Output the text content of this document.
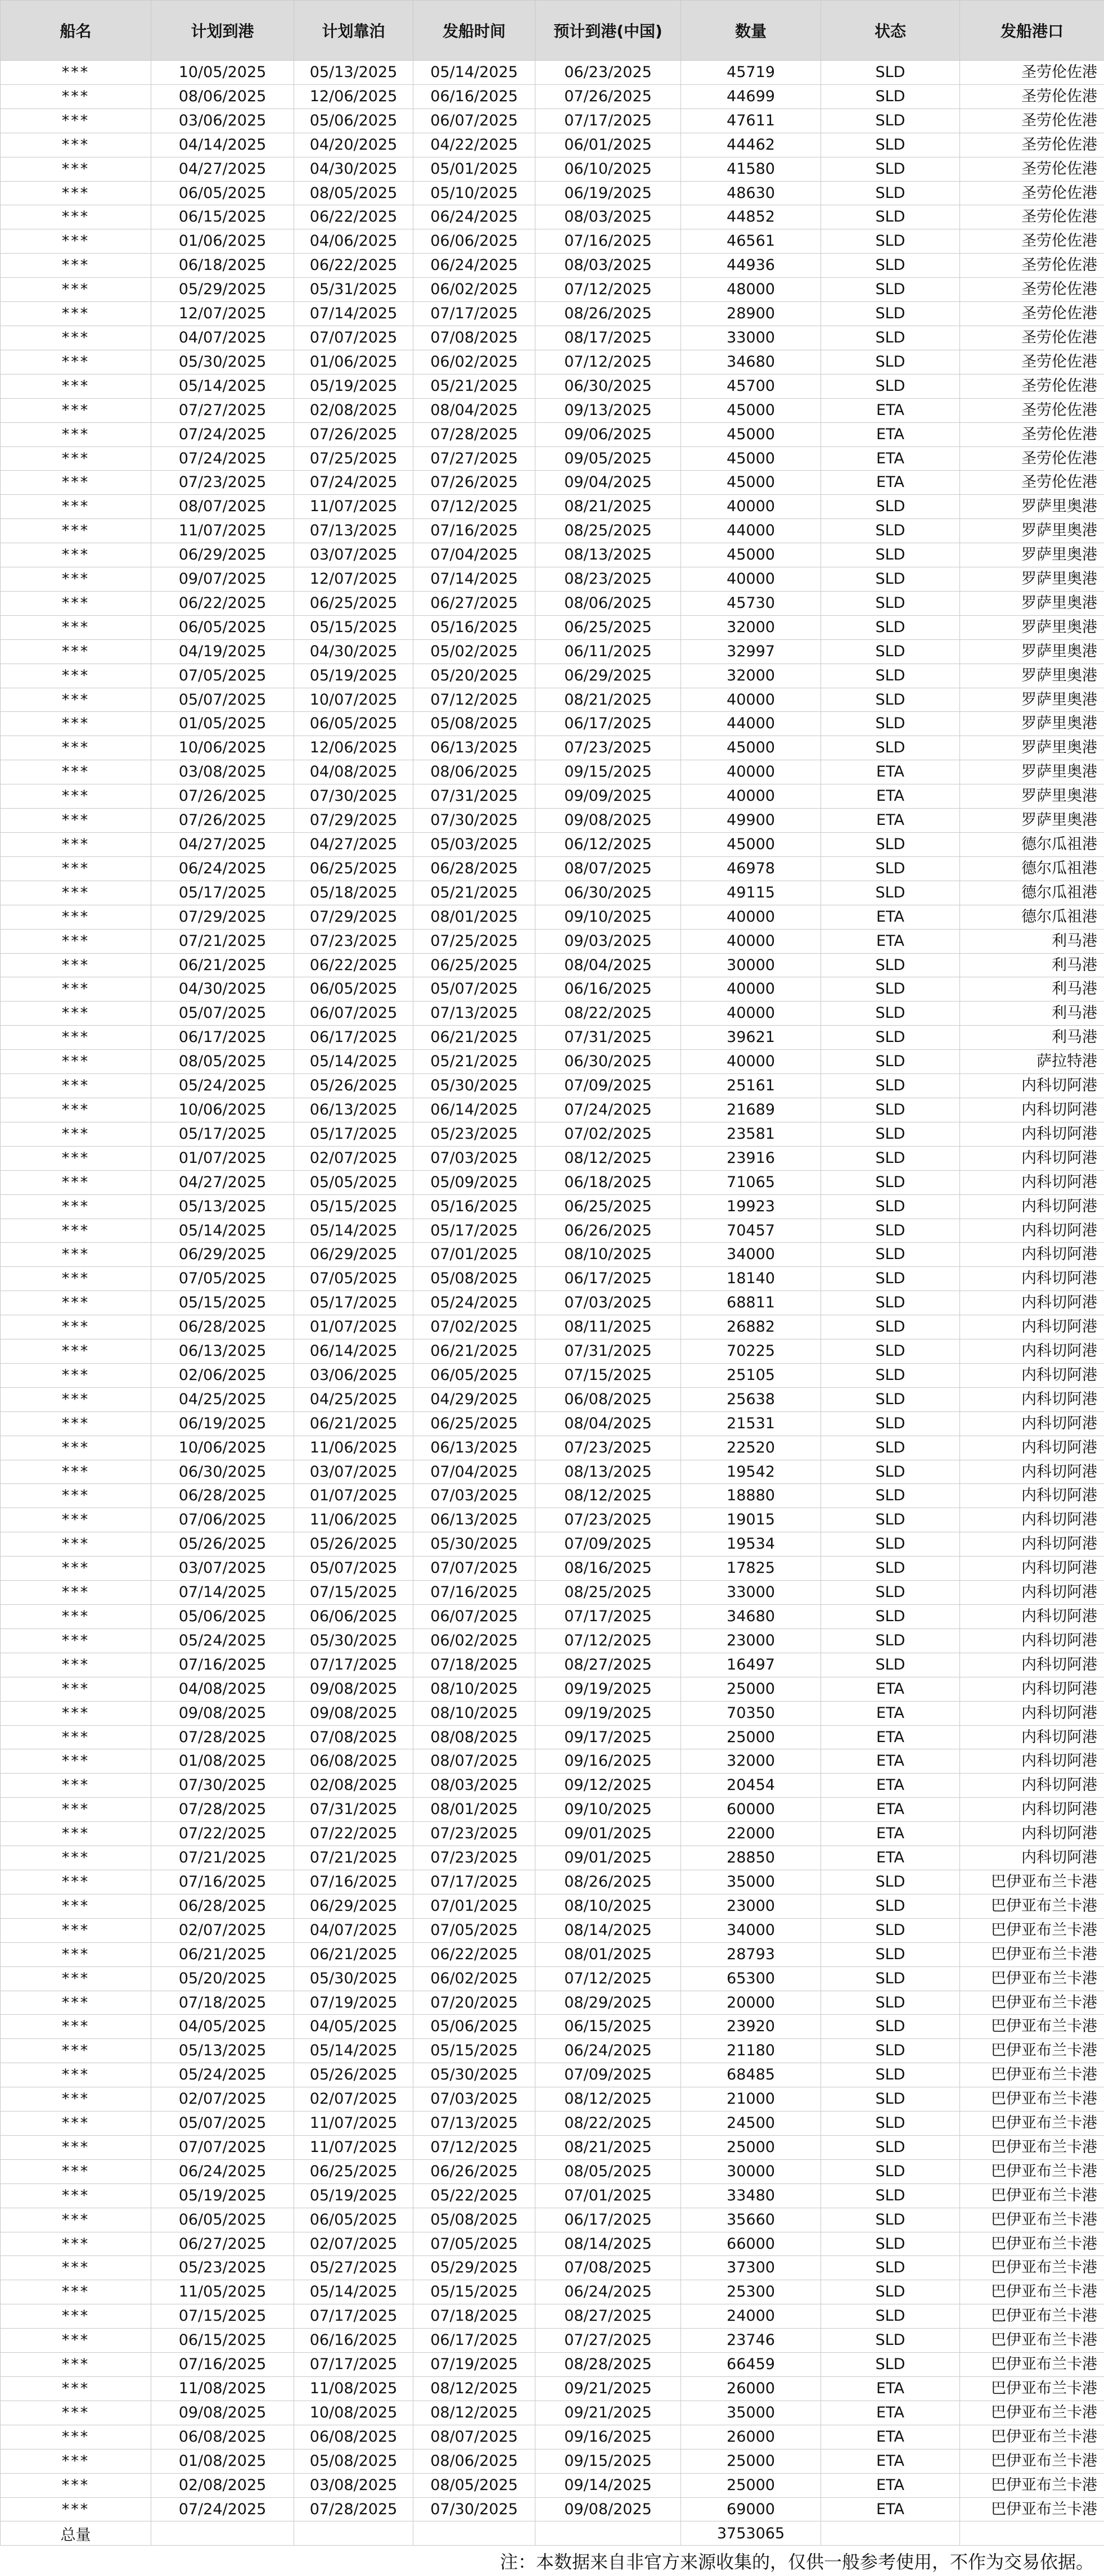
船名	计划到港	计划靠泊	发船时间	预计到港(中国)	数量	状态	发船港口
***	10/05/2025	05/13/2025	05/14/2025	06/23/2025	45719	SLD	圣劳伦佐港
***	08/06/2025	12/06/2025	06/16/2025	07/26/2025	44699	SLD	圣劳伦佐港
***	03/06/2025	05/06/2025	06/07/2025	07/17/2025	47611	SLD	圣劳伦佐港
***	04/14/2025	04/20/2025	04/22/2025	06/01/2025	44462	SLD	圣劳伦佐港
***	04/27/2025	04/30/2025	05/01/2025	06/10/2025	41580	SLD	圣劳伦佐港
***	06/05/2025	08/05/2025	05/10/2025	06/19/2025	48630	SLD	圣劳伦佐港
***	06/15/2025	06/22/2025	06/24/2025	08/03/2025	44852	SLD	圣劳伦佐港
***	01/06/2025	04/06/2025	06/06/2025	07/16/2025	46561	SLD	圣劳伦佐港
***	06/18/2025	06/22/2025	06/24/2025	08/03/2025	44936	SLD	圣劳伦佐港
***	05/29/2025	05/31/2025	06/02/2025	07/12/2025	48000	SLD	圣劳伦佐港
***	12/07/2025	07/14/2025	07/17/2025	08/26/2025	28900	SLD	圣劳伦佐港
***	04/07/2025	07/07/2025	07/08/2025	08/17/2025	33000	SLD	圣劳伦佐港
***	05/30/2025	01/06/2025	06/02/2025	07/12/2025	34680	SLD	圣劳伦佐港
***	05/14/2025	05/19/2025	05/21/2025	06/30/2025	45700	SLD	圣劳伦佐港
***	07/27/2025	02/08/2025	08/04/2025	09/13/2025	45000	ETA	圣劳伦佐港
***	07/24/2025	07/26/2025	07/28/2025	09/06/2025	45000	ETA	圣劳伦佐港
***	07/24/2025	07/25/2025	07/27/2025	09/05/2025	45000	ETA	圣劳伦佐港
***	07/23/2025	07/24/2025	07/26/2025	09/04/2025	45000	ETA	圣劳伦佐港
***	08/07/2025	11/07/2025	07/12/2025	08/21/2025	40000	SLD	罗萨里奥港
***	11/07/2025	07/13/2025	07/16/2025	08/25/2025	44000	SLD	罗萨里奥港
***	06/29/2025	03/07/2025	07/04/2025	08/13/2025	45000	SLD	罗萨里奥港
***	09/07/2025	12/07/2025	07/14/2025	08/23/2025	40000	SLD	罗萨里奥港
***	06/22/2025	06/25/2025	06/27/2025	08/06/2025	45730	SLD	罗萨里奥港
***	06/05/2025	05/15/2025	05/16/2025	06/25/2025	32000	SLD	罗萨里奥港
***	04/19/2025	04/30/2025	05/02/2025	06/11/2025	32997	SLD	罗萨里奥港
***	07/05/2025	05/19/2025	05/20/2025	06/29/2025	32000	SLD	罗萨里奥港
***	05/07/2025	10/07/2025	07/12/2025	08/21/2025	40000	SLD	罗萨里奥港
***	01/05/2025	06/05/2025	05/08/2025	06/17/2025	44000	SLD	罗萨里奥港
***	10/06/2025	12/06/2025	06/13/2025	07/23/2025	45000	SLD	罗萨里奥港
***	03/08/2025	04/08/2025	08/06/2025	09/15/2025	40000	ETA	罗萨里奥港
***	07/26/2025	07/30/2025	07/31/2025	09/09/2025	40000	ETA	罗萨里奥港
***	07/26/2025	07/29/2025	07/30/2025	09/08/2025	49900	ETA	罗萨里奥港
***	04/27/2025	04/27/2025	05/03/2025	06/12/2025	45000	SLD	德尔瓜祖港
***	06/24/2025	06/25/2025	06/28/2025	08/07/2025	46978	SLD	德尔瓜祖港
***	05/17/2025	05/18/2025	05/21/2025	06/30/2025	49115	SLD	德尔瓜祖港
***	07/29/2025	07/29/2025	08/01/2025	09/10/2025	40000	ETA	德尔瓜祖港
***	07/21/2025	07/23/2025	07/25/2025	09/03/2025	40000	ETA	利马港
***	06/21/2025	06/22/2025	06/25/2025	08/04/2025	30000	SLD	利马港
***	04/30/2025	06/05/2025	05/07/2025	06/16/2025	40000	SLD	利马港
***	05/07/2025	06/07/2025	07/13/2025	08/22/2025	40000	SLD	利马港
***	06/17/2025	06/17/2025	06/21/2025	07/31/2025	39621	SLD	利马港
***	08/05/2025	05/14/2025	05/21/2025	06/30/2025	40000	SLD	萨拉特港
***	05/24/2025	05/26/2025	05/30/2025	07/09/2025	25161	SLD	内科切阿港
***	10/06/2025	06/13/2025	06/14/2025	07/24/2025	21689	SLD	内科切阿港
***	05/17/2025	05/17/2025	05/23/2025	07/02/2025	23581	SLD	内科切阿港
***	01/07/2025	02/07/2025	07/03/2025	08/12/2025	23916	SLD	内科切阿港
***	04/27/2025	05/05/2025	05/09/2025	06/18/2025	71065	SLD	内科切阿港
***	05/13/2025	05/15/2025	05/16/2025	06/25/2025	19923	SLD	内科切阿港
***	05/14/2025	05/14/2025	05/17/2025	06/26/2025	70457	SLD	内科切阿港
***	06/29/2025	06/29/2025	07/01/2025	08/10/2025	34000	SLD	内科切阿港
***	07/05/2025	07/05/2025	05/08/2025	06/17/2025	18140	SLD	内科切阿港
***	05/15/2025	05/17/2025	05/24/2025	07/03/2025	68811	SLD	内科切阿港
***	06/28/2025	01/07/2025	07/02/2025	08/11/2025	26882	SLD	内科切阿港
***	06/13/2025	06/14/2025	06/21/2025	07/31/2025	70225	SLD	内科切阿港
***	02/06/2025	03/06/2025	06/05/2025	07/15/2025	25105	SLD	内科切阿港
***	04/25/2025	04/25/2025	04/29/2025	06/08/2025	25638	SLD	内科切阿港
***	06/19/2025	06/21/2025	06/25/2025	08/04/2025	21531	SLD	内科切阿港
***	10/06/2025	11/06/2025	06/13/2025	07/23/2025	22520	SLD	内科切阿港
***	06/30/2025	03/07/2025	07/04/2025	08/13/2025	19542	SLD	内科切阿港
***	06/28/2025	01/07/2025	07/03/2025	08/12/2025	18880	SLD	内科切阿港
***	07/06/2025	11/06/2025	06/13/2025	07/23/2025	19015	SLD	内科切阿港
***	05/26/2025	05/26/2025	05/30/2025	07/09/2025	19534	SLD	内科切阿港
***	03/07/2025	05/07/2025	07/07/2025	08/16/2025	17825	SLD	内科切阿港
***	07/14/2025	07/15/2025	07/16/2025	08/25/2025	33000	SLD	内科切阿港
***	05/06/2025	06/06/2025	06/07/2025	07/17/2025	34680	SLD	内科切阿港
***	05/24/2025	05/30/2025	06/02/2025	07/12/2025	23000	SLD	内科切阿港
***	07/16/2025	07/17/2025	07/18/2025	08/27/2025	16497	SLD	内科切阿港
***	04/08/2025	09/08/2025	08/10/2025	09/19/2025	25000	ETA	内科切阿港
***	09/08/2025	09/08/2025	08/10/2025	09/19/2025	70350	ETA	内科切阿港
***	07/28/2025	07/08/2025	08/08/2025	09/17/2025	25000	ETA	内科切阿港
***	01/08/2025	06/08/2025	08/07/2025	09/16/2025	32000	ETA	内科切阿港
***	07/30/2025	02/08/2025	08/03/2025	09/12/2025	20454	ETA	内科切阿港
***	07/28/2025	07/31/2025	08/01/2025	09/10/2025	60000	ETA	内科切阿港
***	07/22/2025	07/22/2025	07/23/2025	09/01/2025	22000	ETA	内科切阿港
***	07/21/2025	07/21/2025	07/23/2025	09/01/2025	28850	ETA	内科切阿港
***	07/16/2025	07/16/2025	07/17/2025	08/26/2025	35000	SLD	巴伊亚布兰卡港
***	06/28/2025	06/29/2025	07/01/2025	08/10/2025	23000	SLD	巴伊亚布兰卡港
***	02/07/2025	04/07/2025	07/05/2025	08/14/2025	34000	SLD	巴伊亚布兰卡港
***	06/21/2025	06/21/2025	06/22/2025	08/01/2025	28793	SLD	巴伊亚布兰卡港
***	05/20/2025	05/30/2025	06/02/2025	07/12/2025	65300	SLD	巴伊亚布兰卡港
***	07/18/2025	07/19/2025	07/20/2025	08/29/2025	20000	SLD	巴伊亚布兰卡港
***	04/05/2025	04/05/2025	05/06/2025	06/15/2025	23920	SLD	巴伊亚布兰卡港
***	05/13/2025	05/14/2025	05/15/2025	06/24/2025	21180	SLD	巴伊亚布兰卡港
***	05/24/2025	05/26/2025	05/30/2025	07/09/2025	68485	SLD	巴伊亚布兰卡港
***	02/07/2025	02/07/2025	07/03/2025	08/12/2025	21000	SLD	巴伊亚布兰卡港
***	05/07/2025	11/07/2025	07/13/2025	08/22/2025	24500	SLD	巴伊亚布兰卡港
***	07/07/2025	11/07/2025	07/12/2025	08/21/2025	25000	SLD	巴伊亚布兰卡港
***	06/24/2025	06/25/2025	06/26/2025	08/05/2025	30000	SLD	巴伊亚布兰卡港
***	05/19/2025	05/19/2025	05/22/2025	07/01/2025	33480	SLD	巴伊亚布兰卡港
***	06/05/2025	06/05/2025	05/08/2025	06/17/2025	35660	SLD	巴伊亚布兰卡港
***	06/27/2025	02/07/2025	07/05/2025	08/14/2025	66000	SLD	巴伊亚布兰卡港
***	05/23/2025	05/27/2025	05/29/2025	07/08/2025	37300	SLD	巴伊亚布兰卡港
***	11/05/2025	05/14/2025	05/15/2025	06/24/2025	25300	SLD	巴伊亚布兰卡港
***	07/15/2025	07/17/2025	07/18/2025	08/27/2025	24000	SLD	巴伊亚布兰卡港
***	06/15/2025	06/16/2025	06/17/2025	07/27/2025	23746	SLD	巴伊亚布兰卡港
***	07/16/2025	07/17/2025	07/19/2025	08/28/2025	66459	SLD	巴伊亚布兰卡港
***	11/08/2025	11/08/2025	08/12/2025	09/21/2025	26000	ETA	巴伊亚布兰卡港
***	09/08/2025	10/08/2025	08/12/2025	09/21/2025	35000	ETA	巴伊亚布兰卡港
***	06/08/2025	06/08/2025	08/07/2025	09/16/2025	26000	ETA	巴伊亚布兰卡港
***	01/08/2025	05/08/2025	08/06/2025	09/15/2025	25000	ETA	巴伊亚布兰卡港
***	02/08/2025	03/08/2025	08/05/2025	09/14/2025	25000	ETA	巴伊亚布兰卡港
***	07/24/2025	07/28/2025	07/30/2025	09/08/2025	69000	ETA	巴伊亚布兰卡港
总量					3753065		
注：本数据来自非官方来源收集的，仅供一般参考使用，不作为交易依据。
